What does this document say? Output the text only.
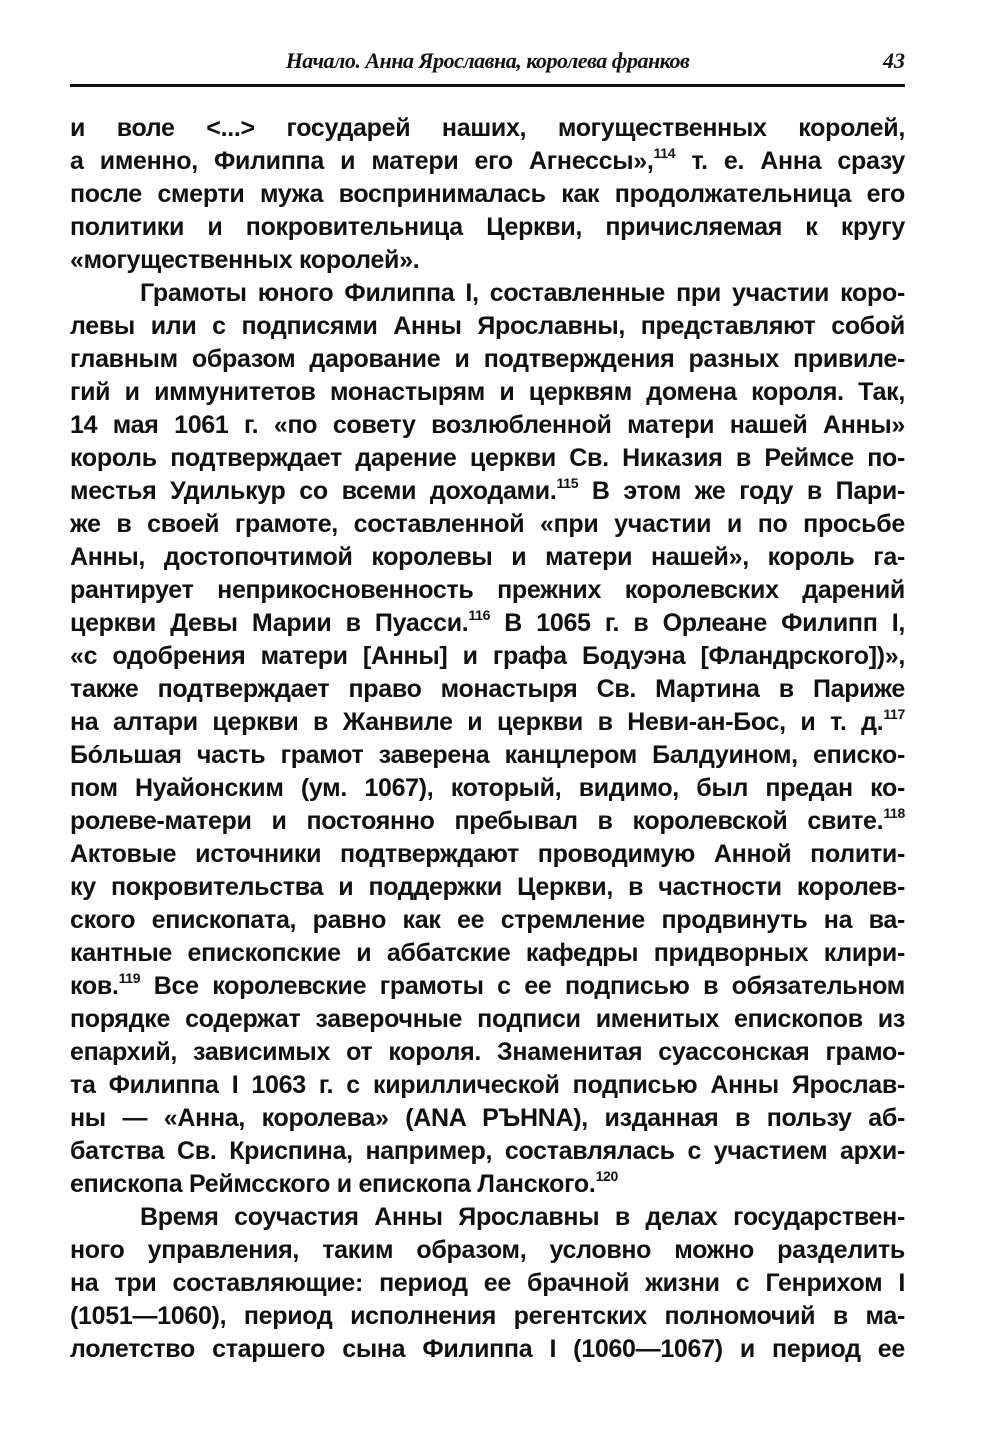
Начало. Анна Ярославна, королева франков	43
и воле <...> государей наших, могущественных королей,
а именно, Филиппа и матери его Агнессы»,$^{114}$ т. е. Анна сразу
после смерти мужа воспринималась как продолжательница его
политики и покровительница Церкви, причисляемая к кругу
«могущественных королей».
Грамоты юного Филиппа I, составленные при участии коро-
левы или с подписями Анны Ярославны, представляют собой
главным образом дарование и подтверждения разных привиле-
гий и иммунитетов монастырям и церквям домена короля. Так,
14 мая 1061 г. «по совету возлюбленной матери нашей Анны»
король подтверждает дарение церкви Св. Никазия в Реймсе по-
местья Удилькур со всеми доходами.$^{115}$ В этом же году в Пари-
же в своей грамоте, составленной «при участии и по просьбе
Анны, достопочтимой королевы и матери нашей», король га-
рантирует неприкосновенность прежних королевских дарений
церкви Девы Марии в Пуасси.$^{116}$ В 1065 г. в Орлеане Филипп I,
«с одобрения матери [Анны] и графа Бодуэна [Фландрского])»,
также подтверждает право монастыря Св. Мартина в Париже
на алтари церкви в Жанвиле и церкви в Неви-ан-Бос, и т. д.$^{117}$
Бóльшая часть грамот заверена канцлером Балдуином, еписко-
пом Нуайонским (ум. 1067), который, видимо, был предан ко-
ролеве-матери и постоянно пребывал в королевской свите.$^{118}$
Актовые источники подтверждают проводимую Анной полити-
ку покровительства и поддержки Церкви, в частности королев-
ского епископата, равно как ее стремление продвинуть на ва-
кантные епископские и аббатские кафедры придворных клири-
ков.$^{119}$ Все королевские грамоты с ее подписью в обязательном
порядке содержат заверочные подписи именитых епископов из
епархий, зависимых от короля. Знаменитая суассонская грамо-
та Филиппа I 1063 г. с кириллической подписью Анны Ярослав-
ны — «Анна, королева» (ANA PЪHNA), изданная в пользу аб-
батства Св. Криспина, например, составлялась с участием архи-
епископа Реймсского и епископа Ланского.$^{120}$
Время соучастия Анны Ярославны в делах государствен-
ного управления, таким образом, условно можно разделить
на три составляющие: период ее брачной жизни с Генрихом I
(1051—1060), период исполнения регентских полномочий в ма-
лолетство старшего сына Филиппа I (1060—1067) и период ее
